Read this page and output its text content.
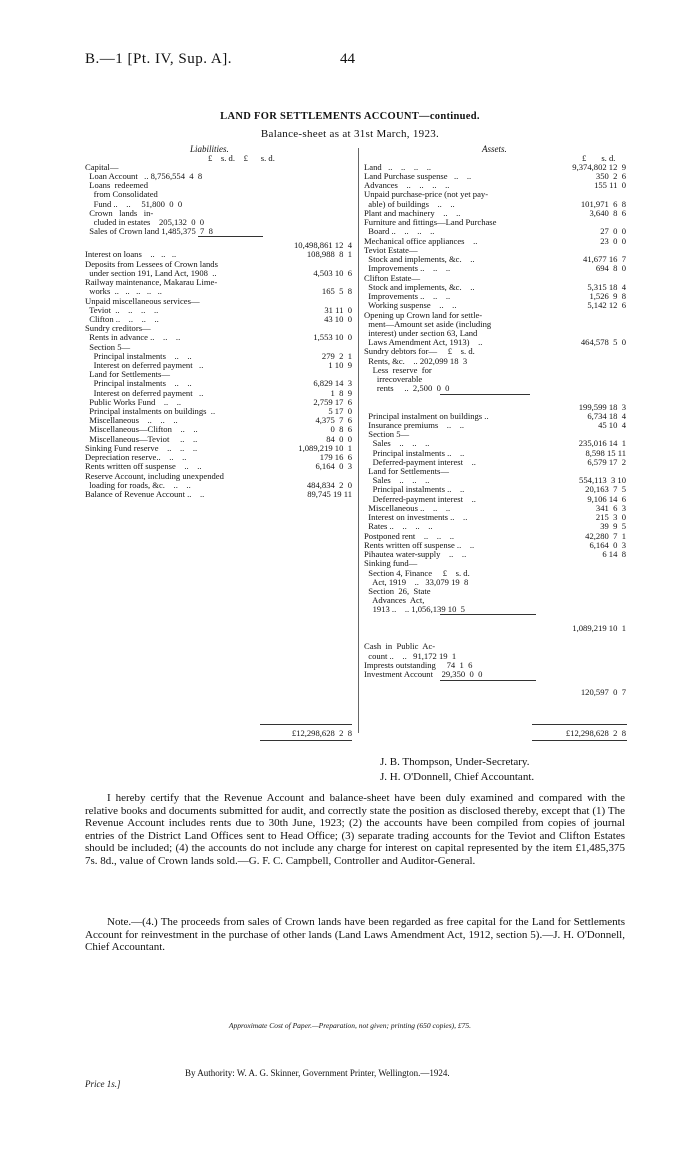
B.—1 [Pt. IV, Sup. A].	44
LAND FOR SETTLEMENTS ACCOUNT—continued.
Balance-sheet as at 31st March, 1923.
Liabilities.	Assets.
£    s. d.    £      s. d.
Capital—
Loan Account   .. 8,756,554  4  8
Loans  redeemed
from Consolidated
Fund ..    ..     51,800  0  0
Crown   lands   in-
cluded in estates    205,132  0  0
Sales of Crown land 1,485,375  7  8
10,498,861 12  4
Interest on loans    ..   ..   ..	108,988  8  1
Deposits from Lessees of Crown lands
under section 191, Land Act, 1908  ..	4,503 10  6
Railway maintenance, Makarau Lime-
works  ..   ..   ..   ..   ..	165  5  8
Unpaid miscellaneous services—
Teviot  ..    ..    ..    ..	31 11  0
Clifton ..    ..    ..    ..	43 10  0
Sundry creditors—
Rents in advance ..    ..    ..	1,553 10  0
Section 5—
Principal instalments    ..    ..	279  2  1
Interest on deferred payment   ..	1 10  9
Land for Settlements—
Principal instalments    ..    ..	6,829 14  3
Interest on deferred payment   ..	1  8  9
Public Works Fund    ..    ..	2,759 17  6
Principal instalments on buildings  ..	5 17  0
Miscellaneous    ..    ..    ..	4,375  7  6
Miscellaneous—Clifton    ..    ..	0  8  6
Miscellaneous—Teviot     ..    ..	84  0  0
Sinking Fund reserve    ..    ..    ..	1,089,219 10  1
Depreciation reserve..    ..    ..	179 16  6
Rents written off suspense    ..    ..	6,164  0  3
Reserve Account, including unexpended
loading for roads, &c.    ..    ..	484,834  2  0
Balance of Revenue Account ..    ..	89,745 19 11
£12,298,628  2  8
£       s. d.
Land   ..    ..    ..    ..	9,374,802 12  9
Land Purchase suspense   ..    ..	350  2  6
Advances    ..    ..    ..    ..	155 11  0
Unpaid purchase-price (not yet pay-
able) of buildings    ..    ..	101,971  6  8
Plant and machinery    ..    ..	3,640  8  6
Furniture and fittings—Land Purchase
Board ..    ..    ..    ..	27  0  0
Mechanical office appliances    ..	23  0  0
Teviot Estate—
Stock and implements, &c.    ..	41,677 16  7
Improvements ..    ..    ..	694  8  0
Clifton Estate—
Stock and implements, &c.    ..	5,315 18  4
Improvements ..    ..    ..	1,526  9  8
Working suspense    ..    ..	5,142 12  6
Opening up Crown land for settle-
ment—Amount set aside (including
interest) under section 63, Land
Laws Amendment Act, 1913)    ..	464,578  5  0
Sundry debtors for—     £    s. d.
Rents, &c.    .. 202,099 18  3
Less  reserve  for
irrecoverable
rents     ..  2,500  0  0
199,599 18  3
Principal instalment on buildings ..	6,734 18  4
Insurance premiums    ..    ..	45 10  4
Section 5—
Sales    ..    ..    ..	235,016 14  1
Principal instalments ..    ..	8,598 15 11
Deferred-payment interest    ..	6,579 17  2
Land for Settlements—
Sales    ..    ..    ..	554,113  3 10
Principal instalments ..    ..	20,163  7  5
Deferred-payment interest    ..	9,106 14  6
Miscellaneous ..    ..    ..	341  6  3
Interest on investments ..    ..	215  3  0
Rates ..    ..    ..    ..	39  9  5
Postponed rent    ..    ..    ..	42,280  7  1
Rents written off suspense ..    ..	6,164  0  3
Pihautea water-supply    ..    ..	6 14  8
Sinking fund—
Section 4, Finance     £    s. d.
Act, 1919    ..   33,079 19  8
Section  26,  State
Advances  Act,
1913 ..    .. 1,056,139 10  5
1,089,219 10  1
Cash  in  Public  Ac-
count ..    ..   91,172 19  1
Imprests outstanding     74  1  6
Investment Account    29,350  0  0
120,597  0  7
£12,298,628  2  8
J. B. Thompson, Under-Secretary.
J. H. O'Donnell, Chief Accountant.
I hereby certify that the Revenue Account and balance-sheet have been duly examined and compared with the relative books and documents submitted for audit, and correctly state the position as disclosed thereby, except that (1) The Revenue Account includes rents due to 30th June, 1923; (2) the accounts have been compiled from copies of journal entries of the District Land Offices sent to Head Office; (3) separate trading accounts for the Teviot and Clifton Estates should be included; (4) the accounts do not include any charge for interest on capital represented by the item £1,485,375 7s. 8d., value of Crown lands sold.—G. F. C. Campbell, Controller and Auditor-General.
Note.—(4.) The proceeds from sales of Crown lands have been regarded as free capital for the Land for Settlements Account for reinvestment in the purchase of other lands (Land Laws Amendment Act, 1912, section 5).—J. H. O'Donnell, Chief Accountant.
Approximate Cost of Paper.—Preparation, not given; printing (650 copies), £75.
By Authority: W. A. G. Skinner, Government Printer, Wellington.—1924.
Price 1s.]
